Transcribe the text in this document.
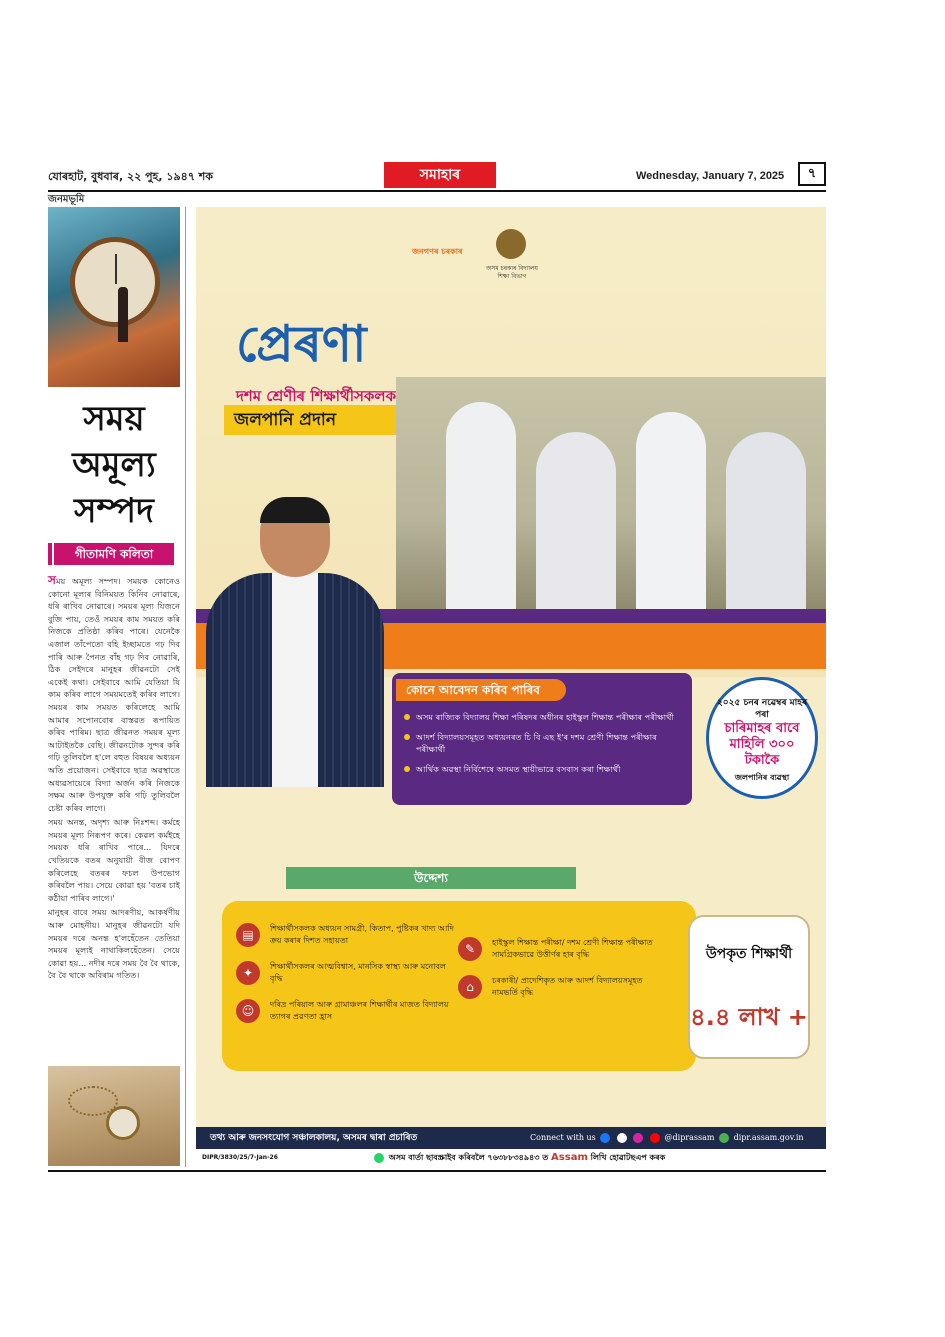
যোৰহাট, বুধবাৰ, ২২ পুহ, ১৯৪৭ শক	সমাহাৰ	Wednesday, January 7, 2025	৭
জনমভূমি
সময়
অমূল্য
সম্পদ
গীতামণি কলিতা

সময় অমূল্য সম্পদ। সময়ক কোনেও কোনো মূল্যৰ বিনিময়ত কিনিব নোৱাৰে, ধৰি ৰাখিব নোৱাৰে। সময়ৰ মূল্য যিজনে বুজি পায়, তেওঁ সময়ৰ কাম সময়ত কৰি নিজকে প্ৰতিষ্ঠা কৰিব পাৰে। যেনেকৈ এজাল তাঁপেতো বহি ইচ্ছামতে গঢ় দিব পাৰি আৰু পৈনত বাঁহ গঢ় দিব নোৱাৰি, ঠিক সেইদৰে মানুহৰ জীৱনটো সেই একেই কথা। সেইবাবে আমি যেতিয়া যি কাম কৰিব লাগে সময়মতেই কৰিব লাগে। সময়ৰ কাম সময়ত কৰিলেহে আমি আমাৰ সপোনবোৰ বাস্তৱত ৰূপায়িত কৰিব পাৰিম। ছাত্ৰ জীৱনত সময়ৰ মূল্য আটাইতকৈ বেছি। জীৱনটোক সুন্দৰ কৰি গঢ়ি তুলিবলৈ হ'লে বহুত বিষয়ৰ অধ্যয়ন অতি প্ৰয়োজন। সেইবাবে ছাত্ৰ অৱস্থাতে অধ্যৱসায়েৰে বিদ্যা অৰ্জন কৰি নিজকে সক্ষম আৰু উপযুক্ত কৰি গঢ়ি তুলিবলৈ চেষ্টা কৰিব লাগে।

সময় অনন্ত, অদৃশ্য আৰু নিঃশব্দ। কৰ্মহে সময়ৰ মূল্য নিৰূপণ কৰে। কেৱল কৰ্মইহে সময়ক ধৰি ৰাখিব পাৰে... যিদৰে খেতিয়কে বতৰ অনুযায়ী বীজ বোপণ কৰিলেহে বতৰৰ ফচল উপভোগ কৰিবলৈ পায়। সেয়ে কোৱা হয় 'বতৰ চাই কঠীয়া পাৰিব লাগে।'

মানুহৰ বাবে সময় আদৰণীয়, আকৰ্ষণীয় আৰু মোহনীয়। মানুহৰ জীৱনটো যদি সময়ৰ দৰে অনন্ত হ'লহেঁতেন তেতিয়া সময়ৰ মূল্যই নাথাকিলহেঁতেন। সেয়ে কোৱা হয়... নদীৰ দৰে সময় বৈ বৈ থাকে, বৈ বৈ থাকে অবিৰাম গতিত।

জনগণৰ চৰকাৰ
অসম চৰকাৰ বিদ্যালয় শিক্ষা বিভাগ
প্ৰেৰণা
দশম শ্ৰেণীৰ শিক্ষাৰ্থীসকলক
জলপানি প্ৰদান
কোনে আবেদন কৰিব পাৰিব
অসম ৰাজ্যিক বিদ্যালয় শিক্ষা পৰিষদৰ অধীনৰ হাইস্কুল শিক্ষান্ত পৰীক্ষাৰ পৰীক্ষাৰ্থী
আদৰ্শ বিদ্যালয়সমূহত অধ্যয়নৰত চি বি এছ ই'ৰ দশম শ্ৰেণী শিক্ষান্ত পৰীক্ষাৰ পৰীক্ষাৰ্থী
আৰ্থিক অৱস্থা নিৰ্বিশেষে অসমত স্থায়ীভাৱে বসবাস কৰা শিক্ষাৰ্থী
২০২৫ চনৰ নৱেম্বৰ মাহৰ পৰা
চাৰিমাহৰ বাবে মাহিলি ৩০০ টকাকৈ
জলপানিৰ ব্যৱস্থা
উদ্দেশ্য
▤	শিক্ষাৰ্থীসকলক অধ্যয়ন সামগ্ৰী, কিতাপ, পুষ্টিকৰ খাদ্য আদি ক্ৰয় কৰাৰ দিশত সহায়তা
✦	শিক্ষাৰ্থীসকলৰ আত্মবিশ্বাস, মানসিক স্বাস্থ্য আৰু মনোবল বৃদ্ধি
☺	দৰিদ্ৰ পৰিয়াল আৰু গ্ৰামাঞ্চলৰ শিক্ষাৰ্থীৰ মাজত বিদ্যালয় ত্যাগৰ প্ৰৱণতা হ্ৰাস
✎	হাইস্কুল শিক্ষান্ত পৰীক্ষা/ দশম শ্ৰেণী শিক্ষান্ত পৰীক্ষাত সামগ্ৰিকভাৱে উত্তীৰ্ণৰ হাৰ বৃদ্ধি
⌂	চৰকাৰী/ প্ৰাদেশিকৃত আৰু আদৰ্শ বিদ্যালয়সমূহত নামভৰ্তি বৃদ্ধি
উপকৃত শিক্ষাৰ্থী
৪.৪ লাখ +
তথ্য আৰু জনসংযোগ সঞ্চালকালয়, অসমৰ দ্বাৰা প্ৰচাৰিত	Connect with us	@diprassam dipr.assam.gov.in
DIPR/3830/25/7-Jan-26	অসম বাৰ্তা ছাবস্ক্ৰাইব কৰিবলৈ ৭৬৩৮৮৩৪৯৪৩ ত Assam লিখি হোৱাটছএপ কৰক
